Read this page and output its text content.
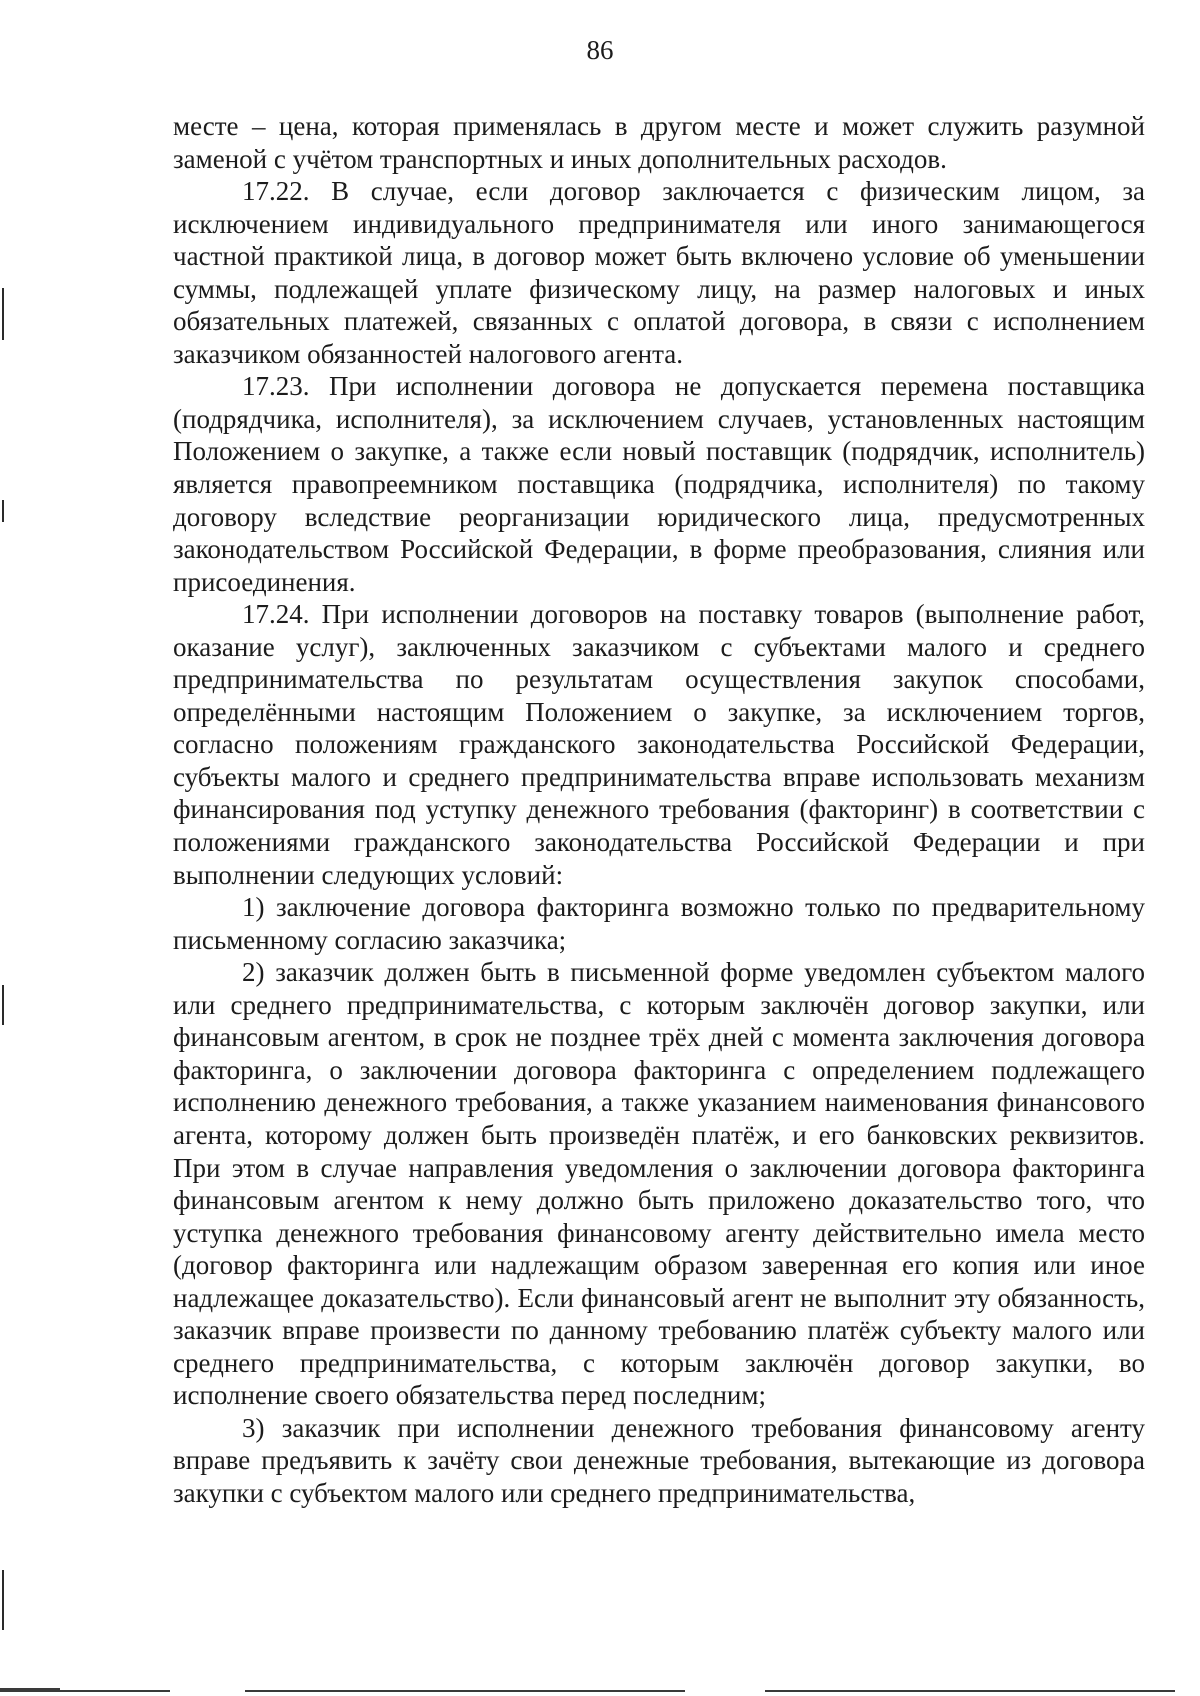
86

месте – цена, которая применялась в другом месте и может служить разумной заменой с учётом транспортных и иных дополнительных расходов.

17.22. В случае, если договор заключается с физическим лицом, за исключением индивидуального предпринимателя или иного занимающегося частной практикой лица, в договор может быть включено условие об уменьшении суммы, подлежащей уплате физическому лицу, на размер налоговых и иных обязательных платежей, связанных с оплатой договора, в связи с исполнением заказчиком обязанностей налогового агента.

17.23. При исполнении договора не допускается перемена поставщика (подрядчика, исполнителя), за исключением случаев, установленных настоящим Положением о закупке, а также если новый поставщик (подрядчик, исполнитель) является правопреемником поставщика (подрядчика, исполнителя) по такому договору вследствие реорганизации юридического лица, предусмотренных законодательством Российской Федерации, в форме преобразования, слияния или присоединения.

17.24. При исполнении договоров на поставку товаров (выполнение работ, оказание услуг), заключенных заказчиком с субъектами малого и среднего предпринимательства по результатам осуществления закупок способами, определёнными настоящим Положением о закупке, за исключением торгов, согласно положениям гражданского законодательства Российской Федерации, субъекты малого и среднего предпринимательства вправе использовать механизм финансирования под уступку денежного требования (факторинг) в соответствии с положениями гражданского законодательства Российской Федерации и при выполнении следующих условий:

1) заключение договора факторинга возможно только по предварительному письменному согласию заказчика;

2) заказчик должен быть в письменной форме уведомлен субъектом малого или среднего предпринимательства, с которым заключён договор закупки, или финансовым агентом, в срок не позднее трёх дней с момента заключения договора факторинга, о заключении договора факторинга с определением подлежащего исполнению денежного требования, а также указанием наименования финансового агента, которому должен быть произведён платёж, и его банковских реквизитов. При этом в случае направления уведомления о заключении договора факторинга финансовым агентом к нему должно быть приложено доказательство того, что уступка денежного требования финансовому агенту действительно имела место (договор факторинга или надлежащим образом заверенная его копия или иное надлежащее доказательство). Если финансовый агент не выполнит эту обязанность, заказчик вправе произвести по данному требованию платёж субъекту малого или среднего предпринимательства, с которым заключён договор закупки, во исполнение своего обязательства перед последним;

3) заказчик при исполнении денежного требования финансовому агенту вправе предъявить к зачёту свои денежные требования, вытекающие из договора закупки с субъектом малого или среднего предпринимательства,
